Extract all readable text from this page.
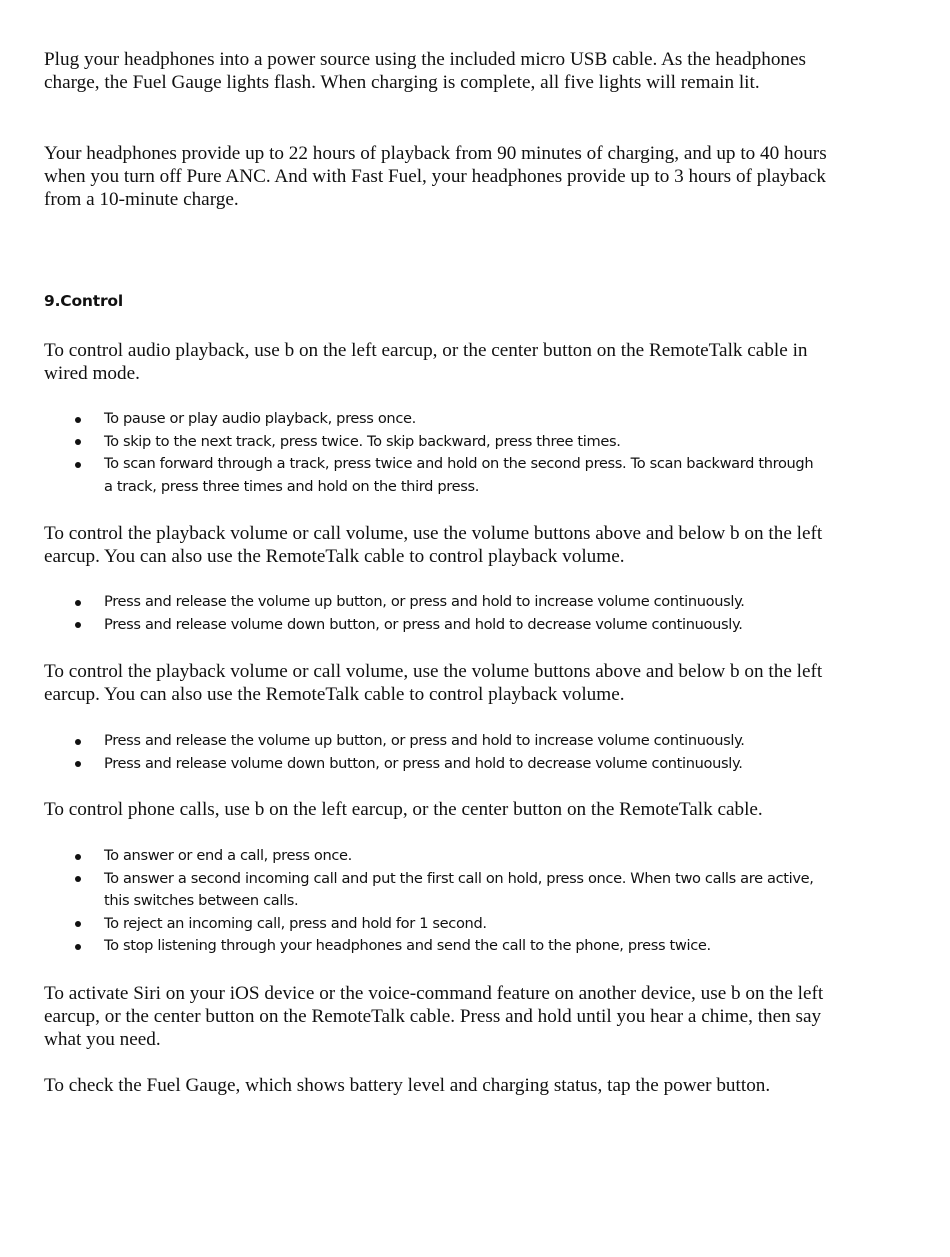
Plug your headphones into a power source using the included micro USB cable. As the headphones charge, the Fuel Gauge lights flash. When charging is complete, all five lights will remain lit.

Your headphones provide up to 22 hours of playback from 90 minutes of charging, and up to 40 hours when you turn off Pure ANC. And with Fast Fuel, your headphones provide up to 3 hours of playback from a 10-minute charge.

9.Control

To control audio playback, use b on the left earcup, or the center button on the RemoteTalk cable in wired mode.

To pause or play audio playback, press once.
To skip to the next track, press twice. To skip backward, press three times.
To scan forward through a track, press twice and hold on the second press. To scan backward through a track, press three times and hold on the third press.

To control the playback volume or call volume, use the volume buttons above and below b on the left earcup. You can also use the RemoteTalk cable to control playback volume.

Press and release the volume up button, or press and hold to increase volume continuously.
Press and release volume down button, or press and hold to decrease volume continuously.

To control the playback volume or call volume, use the volume buttons above and below b on the left earcup. You can also use the RemoteTalk cable to control playback volume.

Press and release the volume up button, or press and hold to increase volume continuously.
Press and release volume down button, or press and hold to decrease volume continuously.

To control phone calls, use b on the left earcup, or the center button on the RemoteTalk cable.

To answer or end a call, press once.
To answer a second incoming call and put the first call on hold, press once. When two calls are active, this switches between calls.
To reject an incoming call, press and hold for 1 second.
To stop listening through your headphones and send the call to the phone, press twice.

To activate Siri on your iOS device or the voice-command feature on another device, use b on the left earcup, or the center button on the RemoteTalk cable. Press and hold until you hear a chime, then say what you need.

To check the Fuel Gauge, which shows battery level and charging status, tap the power button.
